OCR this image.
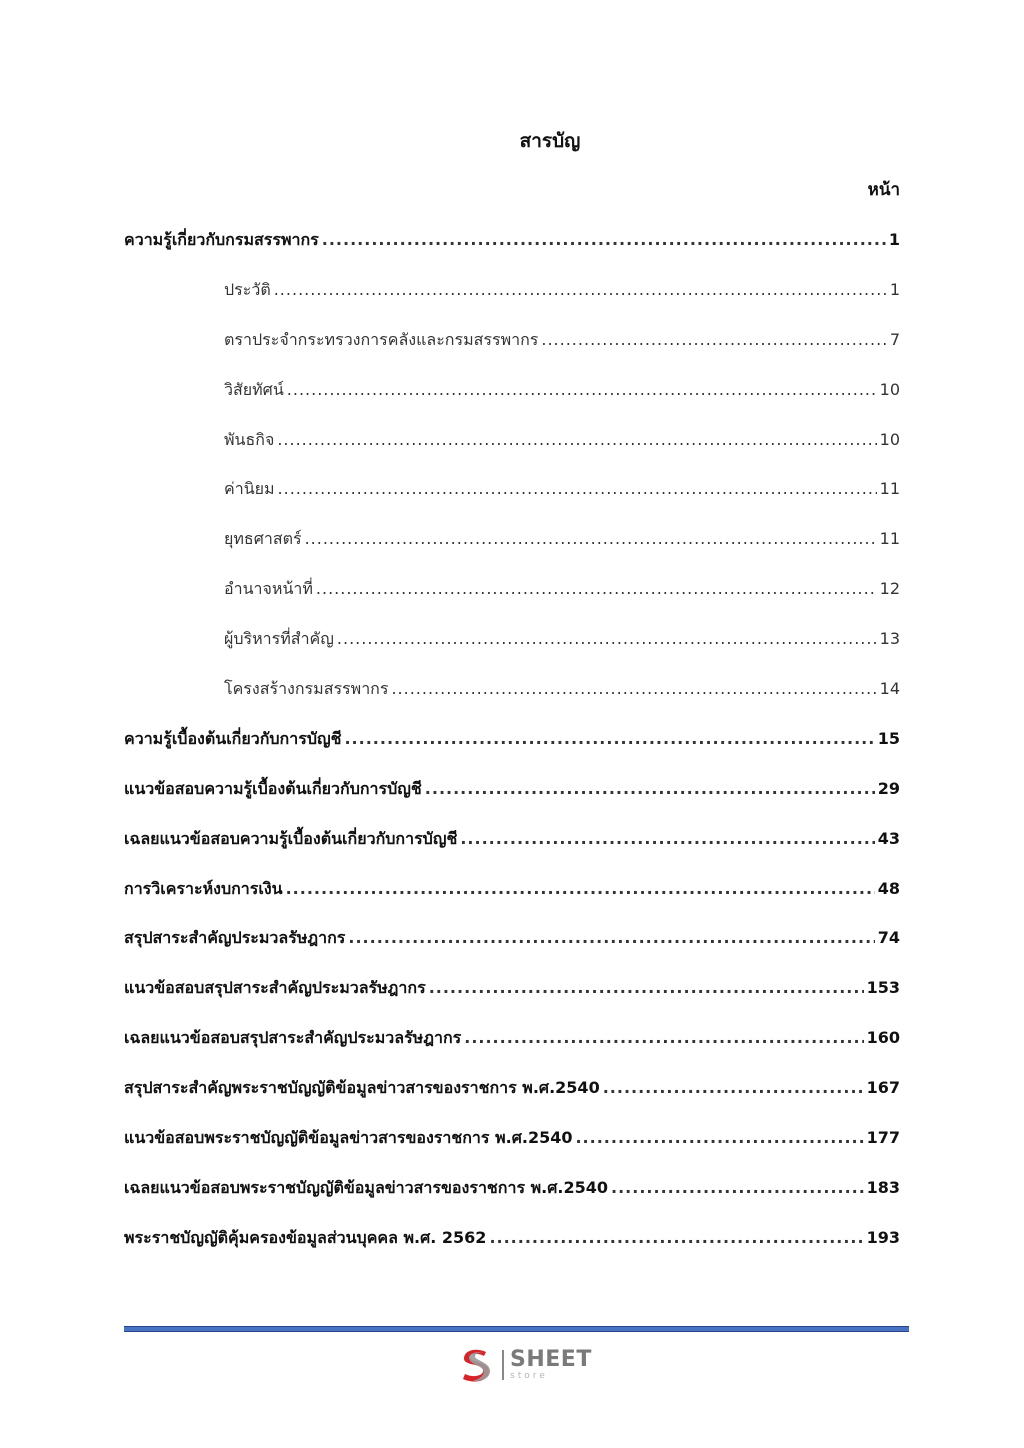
สารบัญ
หน้า
ความรู้เกี่ยวกับกรมสรรพากร .....	1
ประวัติ .....	1
ตราประจำกระทรวงการคลังและกรมสรรพากร .....	7
วิสัยทัศน์ .....	10
พันธกิจ .....	10
ค่านิยม .....	11
ยุทธศาสตร์ .....	11
อำนาจหน้าที่ .....	12
ผู้บริหารที่สำคัญ .....	13
โครงสร้างกรมสรรพากร .....	14
ความรู้เบื้องต้นเกี่ยวกับการบัญชี .....	15
แนวข้อสอบความรู้เบื้องต้นเกี่ยวกับการบัญชี .....	29
เฉลยแนวข้อสอบความรู้เบื้องต้นเกี่ยวกับการบัญชี .....	43
การวิเคราะห์งบการเงิน .....	48
สรุปสาระสำคัญประมวลรัษฎากร .....	74
แนวข้อสอบสรุปสาระสำคัญประมวลรัษฎากร .....	153
เฉลยแนวข้อสอบสรุปสาระสำคัญประมวลรัษฎากร .....	160
สรุปสาระสำคัญพระราชบัญญัติข้อมูลข่าวสารของราชการ พ.ศ.2540 .....	167
แนวข้อสอบพระราชบัญญัติข้อมูลข่าวสารของราชการ พ.ศ.2540 .....	177
เฉลยแนวข้อสอบพระราชบัญญัติข้อมูลข่าวสารของราชการ พ.ศ.2540 .....	183
พระราชบัญญัติคุ้มครองข้อมูลส่วนบุคคล พ.ศ. 2562 .....	193
SHEET
store
